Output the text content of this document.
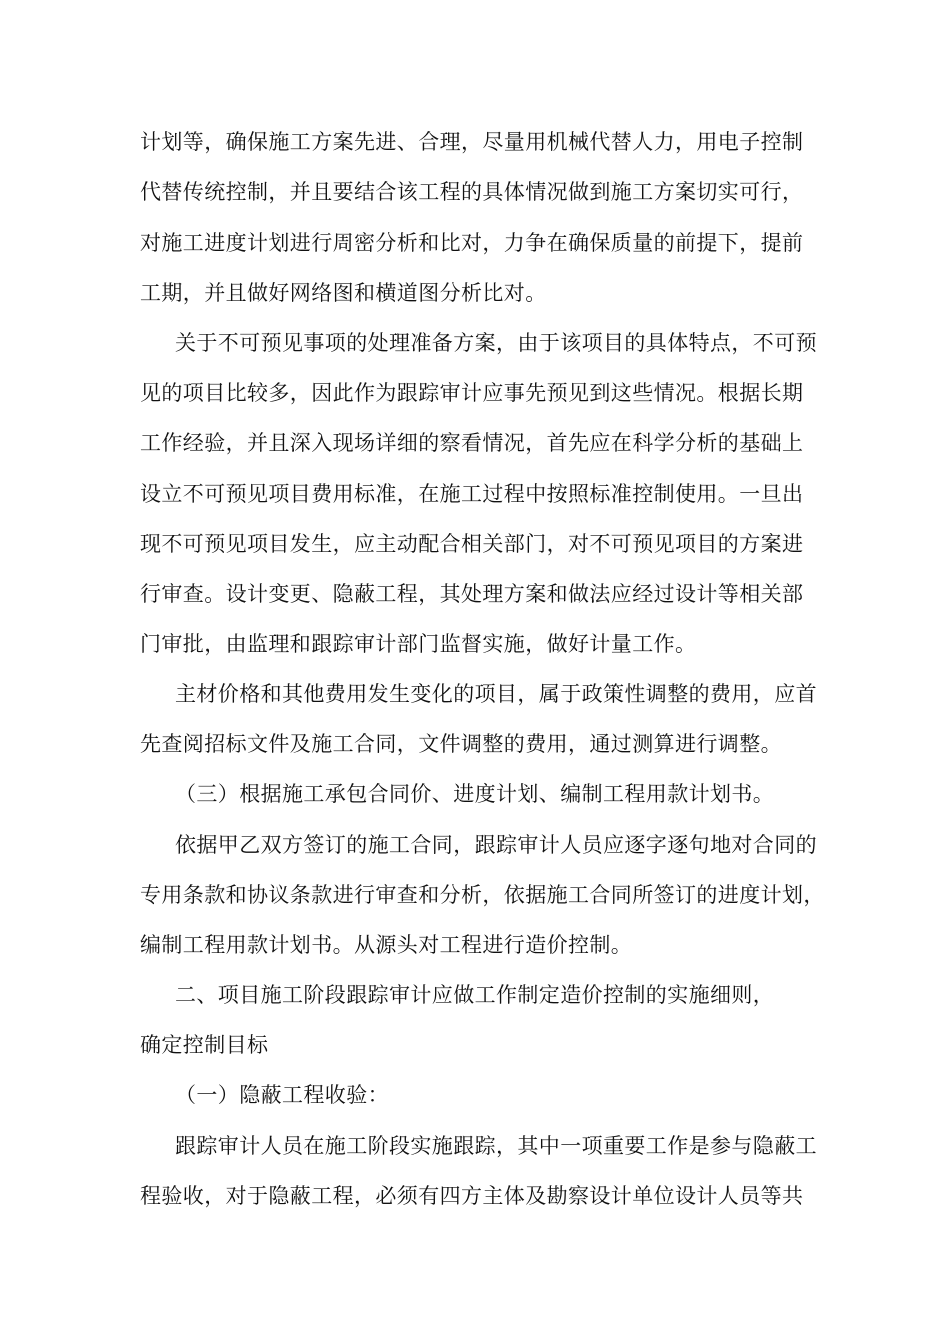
计划等，确保施工方案先进、合理，尽量用机械代替人力，用电子控制
代替传统控制，并且要结合该工程的具体情况做到施工方案切实可行，
对施工进度计划进行周密分析和比对，力争在确保质量的前提下，提前
工期，并且做好网络图和横道图分析比对。
关于不可预见事项的处理准备方案，由于该项目的具体特点，不可预
见的项目比较多，因此作为跟踪审计应事先预见到这些情况。根据长期
工作经验，并且深入现场详细的察看情况，首先应在科学分析的基础上
设立不可预见项目费用标准，在施工过程中按照标准控制使用。一旦出
现不可预见项目发生，应主动配合相关部门，对不可预见项目的方案进
行审查。设计变更、隐蔽工程，其处理方案和做法应经过设计等相关部
门审批，由监理和跟踪审计部门监督实施，做好计量工作。
主材价格和其他费用发生变化的项目，属于政策性调整的费用，应首
先查阅招标文件及施工合同，文件调整的费用，通过测算进行调整。
（三）根据施工承包合同价、进度计划、编制工程用款计划书。
依据甲乙双方签订的施工合同，跟踪审计人员应逐字逐句地对合同的
专用条款和协议条款进行审查和分析，依据施工合同所签订的进度计划，
编制工程用款计划书。从源头对工程进行造价控制。
二、项目施工阶段跟踪审计应做工作制定造价控制的实施细则，
确定控制目标
（一）隐蔽工程收验：
跟踪审计人员在施工阶段实施跟踪，其中一项重要工作是参与隐蔽工
程验收，对于隐蔽工程，必须有四方主体及勘察设计单位设计人员等共
